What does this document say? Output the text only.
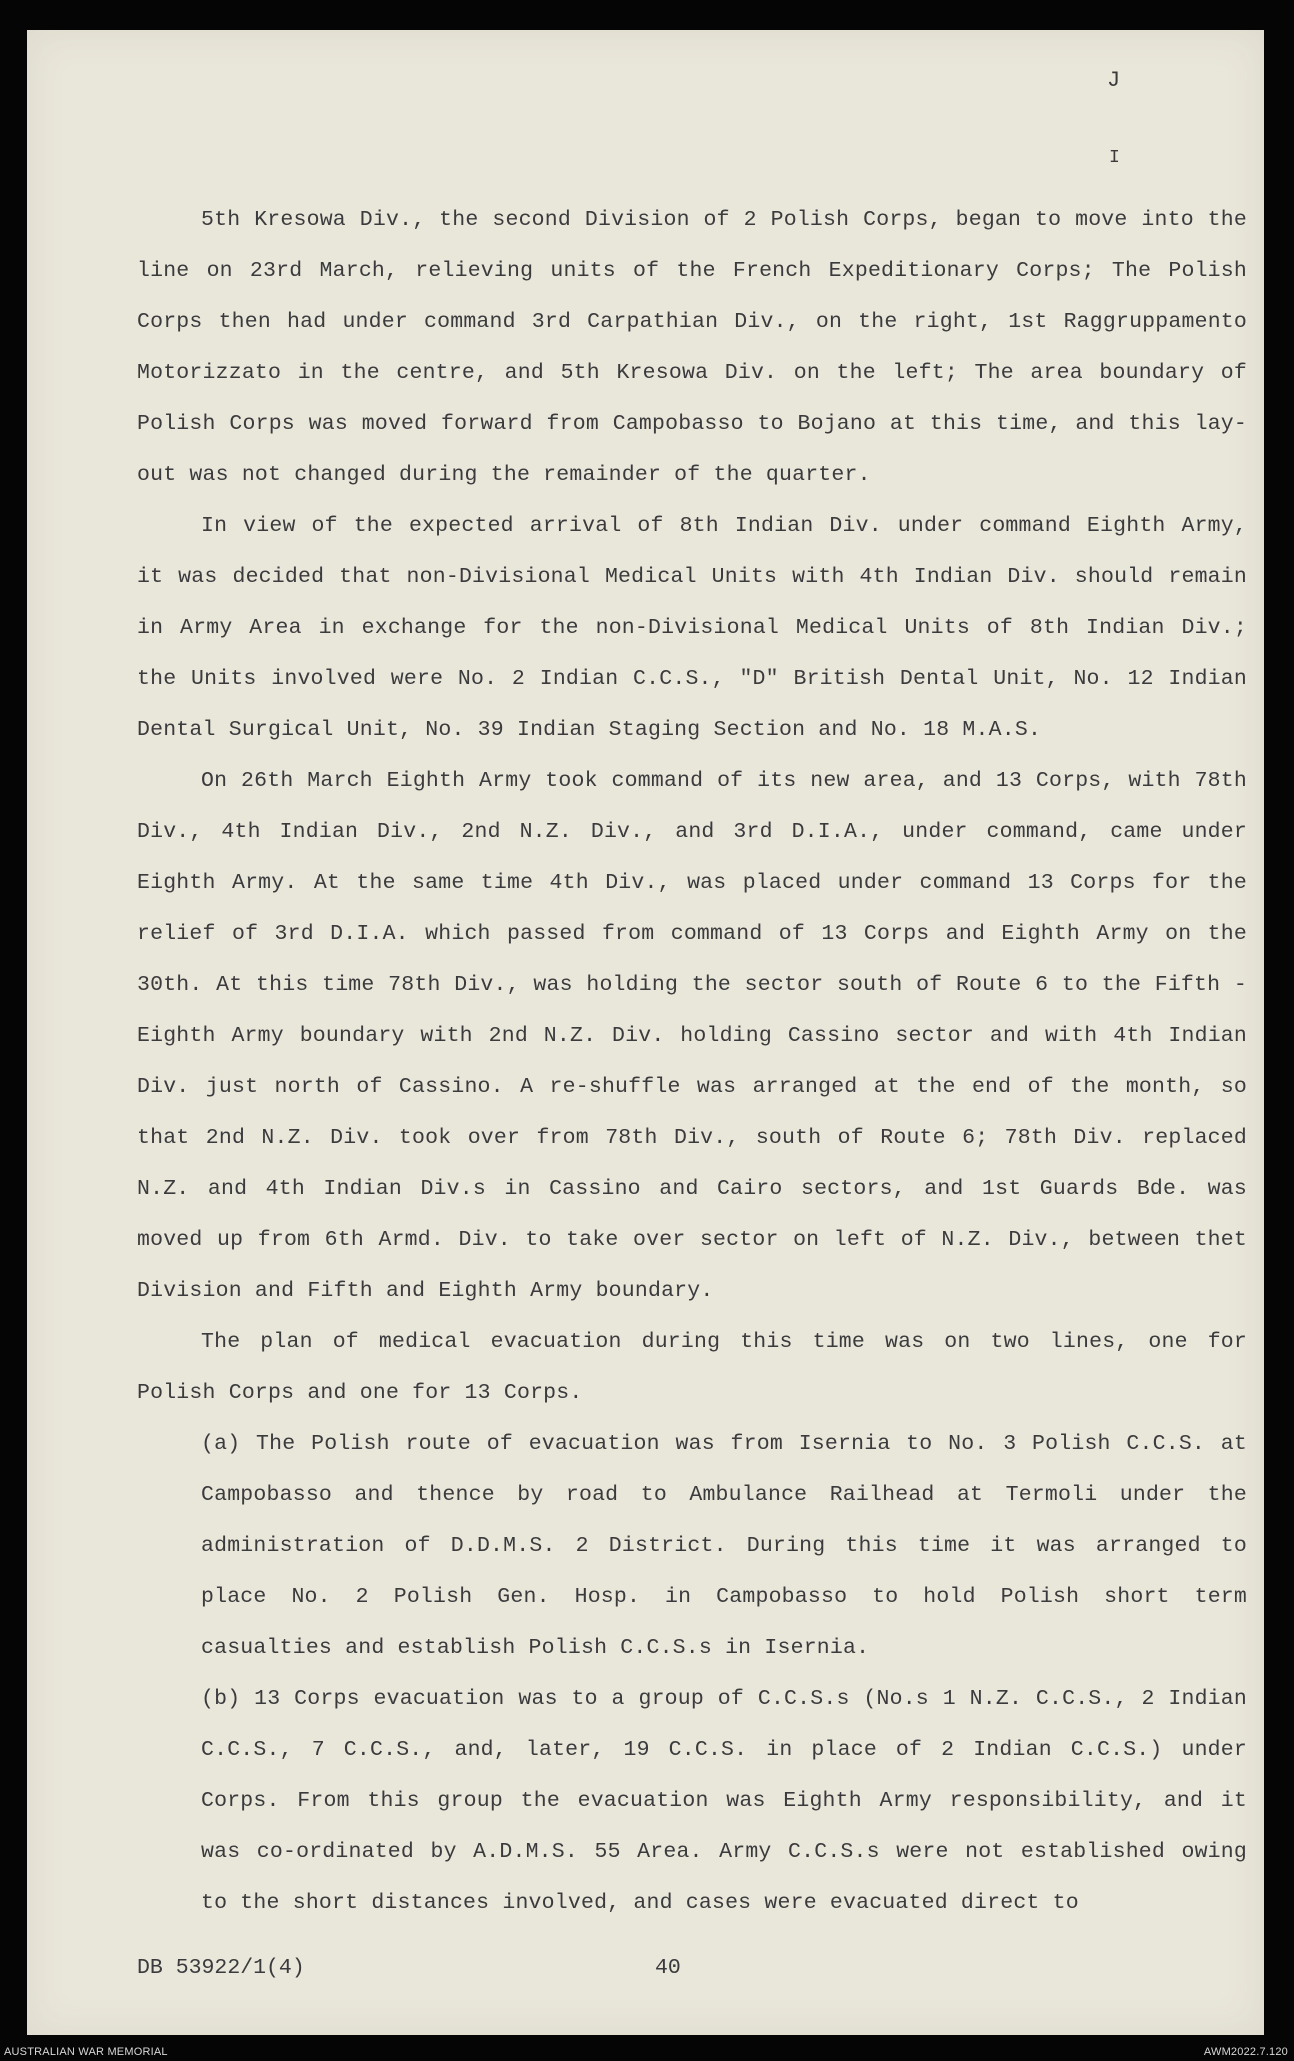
J
I

5th Kresowa Div., the second Division of 2 Polish Corps, began to move into the line on 23rd March, relieving units of the French Expeditionary Corps; The Polish Corps then had under command 3rd Carpathian Div., on the right, 1st Raggruppamento Motorizzato in the centre, and 5th Kresowa Div. on the left; The area boundary of Polish Corps was moved forward from Campobasso to Bojano at this time, and this lay-out was not changed during the remainder of the quarter.

In view of the expected arrival of 8th Indian Div. under command Eighth Army, it was decided that non-Divisional Medical Units with 4th Indian Div. should remain in Army Area in exchange for the non-Divisional Medical Units of 8th Indian Div.; the Units involved were No. 2 Indian C.C.S., "D" British Dental Unit, No. 12 Indian Dental Surgical Unit, No. 39 Indian Staging Section and No. 18 M.A.S.

On 26th March Eighth Army took command of its new area, and 13 Corps, with 78th Div., 4th Indian Div., 2nd N.Z. Div., and 3rd D.I.A., under command, came under Eighth Army. At the same time 4th Div., was placed under command 13 Corps for the relief of 3rd D.I.A. which passed from command of 13 Corps and Eighth Army on the 30th. At this time 78th Div., was holding the sector south of Route 6 to the Fifth - Eighth Army boundary with 2nd N.Z. Div. holding Cassino sector and with 4th Indian Div. just north of Cassino. A re-shuffle was arranged at the end of the month, so that 2nd N.Z. Div. took over from 78th Div., south of Route 6; 78th Div. replaced N.Z. and 4th Indian Div.s in Cassino and Cairo sectors, and 1st Guards Bde. was moved up from 6th Armd. Div. to take over sector on left of N.Z. Div., between thet Division and Fifth and Eighth Army boundary.

The plan of medical evacuation during this time was on two lines, one for Polish Corps and one for 13 Corps.

(a) The Polish route of evacuation was from Isernia to No. 3 Polish C.C.S. at Campobasso and thence by road to Ambulance Railhead at Termoli under the administration of D.D.M.S. 2 District. During this time it was arranged to place No. 2 Polish Gen. Hosp. in Campobasso to hold Polish short term casualties and establish Polish C.C.S.s in Isernia.

(b) 13 Corps evacuation was to a group of C.C.S.s (No.s 1 N.Z. C.C.S., 2 Indian C.C.S., 7 C.C.S., and, later, 19 C.C.S. in place of 2 Indian C.C.S.) under Corps. From this group the evacuation was Eighth Army responsibility, and it was co-ordinated by A.D.M.S. 55 Area. Army C.C.S.s were not established owing to the short distances involved, and cases were evacuated direct to

DB 53922/1(4)	40
AUSTRALIAN WAR MEMORIAL	AWM2022.7.120
